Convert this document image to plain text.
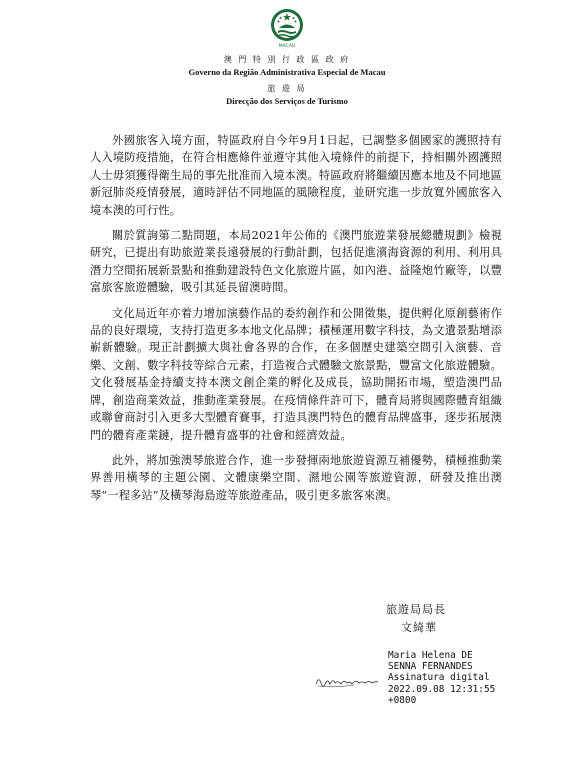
MACAU
澳 門 特 別 行 政 區 政 府
Governo da Região Administrativa Especial de Macau
旅 遊 局
Direcção dos Serviços de Turismo

外國旅客入境方面，特區政府自今年9月1日起，已調整多個國家的護照持有人入境防疫措施，在符合相應條件並遵守其他入境條件的前提下，持相關外國護照人士毋須獲得衛生局的事先批准而入境本澳。特區政府將繼續因應本地及不同地區新冠肺炎疫情發展，適時評估不同地區的風險程度，並研究進一步放寬外國旅客入境本澳的可行性。

關於質詢第二點問題，本局2021年公佈的《澳門旅遊業發展總體規劃》檢視研究，已提出有助旅遊業長遠發展的行動計劃，包括促進濱海資源的利用、利用具潛力空間拓展新景點和推動建設特色文化旅遊片區，如內港、益隆炮竹廠等，以豐富旅客旅遊體驗，吸引其延長留澳時間。

文化局近年亦着力增加演藝作品的委約創作和公開徵集，提供孵化原創藝術作品的良好環境，支持打造更多本地文化品牌；積極運用數字科技，為文遺景點增添嶄新體驗。現正計劃擴大與社會各界的合作，在多個歷史建築空間引入演藝、音樂、文創、數字科技等綜合元素，打造複合式體驗文旅景點，豐富文化旅遊體驗。文化發展基金持續支持本澳文創企業的孵化及成長，協助開拓市場，塑造澳門品牌，創造商業效益，推動產業發展。在疫情條件許可下，體育局將與國際體育組織或聯會商討引入更多大型體育賽事，打造具澳門特色的體育品牌盛事，逐步拓展澳門的體育產業鏈，提升體育盛事的社會和經濟效益。

此外，將加強澳琴旅遊合作，進一步發揮兩地旅遊資源互補優勢，積極推動業界善用橫琴的主題公園、文體康樂空間、濕地公園等旅遊資源，研發及推出澳琴“一程多站”及橫琴海島遊等旅遊產品，吸引更多旅客來澳。

旅遊局局長
文綺華
Maria Helena DE
SENNA FERNANDES
Assinatura digital
2022.09.08 12:31:55
+0800
